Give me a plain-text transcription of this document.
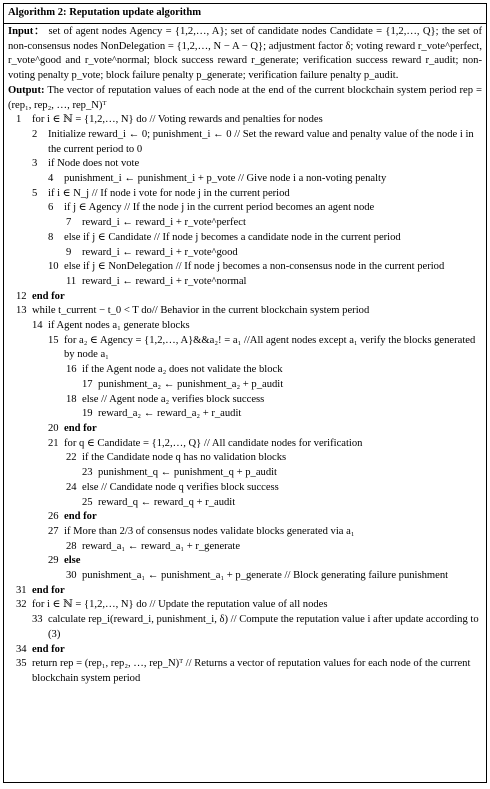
Algorithm 2: Reputation update algorithm

Input： set of agent nodes Agency = {1,2,…, A}; set of candidate nodes Candidate = {1,2,…, Q}; the set of non-consensus nodes NonDelegation = {1,2,…, N − A − Q}; adjustment factor δ; voting reward r_vote^perfect, r_vote^good and r_vote^normal; block success reward r_generate; verification success reward r_audit; non-voting penalty p_vote; block failure penalty p_generate; verification failure penalty p_audit.

Output: The vector of reputation values of each node at the end of the current blockchain system period rep = (rep₁, rep₂, …, rep_N)ᵀ

1	for i ∈ ℕ = {1,2,…, N} do // Voting rewards and penalties for nodes
2	Initialize reward_i ← 0; punishment_i ← 0 // Set the reward value and penalty value of the node i in the current period to 0
3	if Node does not vote
4	punishment_i ← punishment_i + p_vote // Give node i a non-voting penalty
5	if i ∈ N_j // If node i vote for node j in the current period
6	if j ∈ Agency // If the node j in the current period becomes an agent node
7	reward_i ← reward_i + r_vote^perfect
8	else if j ∈ Candidate // If node j becomes a candidate node in the current period
9	reward_i ← reward_i + r_vote^good
10 else if j ∈ NonDelegation // If node j becomes a non-consensus node in the current period
11 reward_i ← reward_i + r_vote^normal
12 end for
13 while t_current − t_0 < T do// Behavior in the current blockchain system period
14 if Agent nodes a₁ generate blocks
15 for a₂ ∈ Agency = {1,2,…, A}&&a₂! = a₁ //All agent nodes except a₁ verify the blocks generated by node a₁
16 if the Agent node a₂ does not validate the block
17 punishment_a₂ ← punishment_a₂ + p_audit
18 else // Agent node a₂ verifies block success
19 reward_a₂ ← reward_a₂ + r_audit
20 end for
21 for q ∈ Candidate = {1,2,…, Q} // All candidate nodes for verification
22 if the Candidate node q has no validation blocks
23 punishment_q ← punishment_q + p_audit
24 else // Candidate node q verifies block success
25 reward_q ← reward_q + r_audit
26 end for
27 if More than 2/3 of consensus nodes validate blocks generated via a₁
28 reward_a₁ ← reward_a₁ + r_generate
29 else
30 punishment_a₁ ← punishment_a₁ + p_generate // Block generating failure punishment
31 end for
32 for i ∈ ℕ = {1,2,…, N} do // Update the reputation value of all nodes
33 calculate rep_i(reward_i, punishment_i, δ) // Compute the reputation value i after update according to (3)
34 end for
35 return rep = (rep₁, rep₂, …, rep_N)ᵀ // Returns a vector of reputation values for each node of the current blockchain system period
